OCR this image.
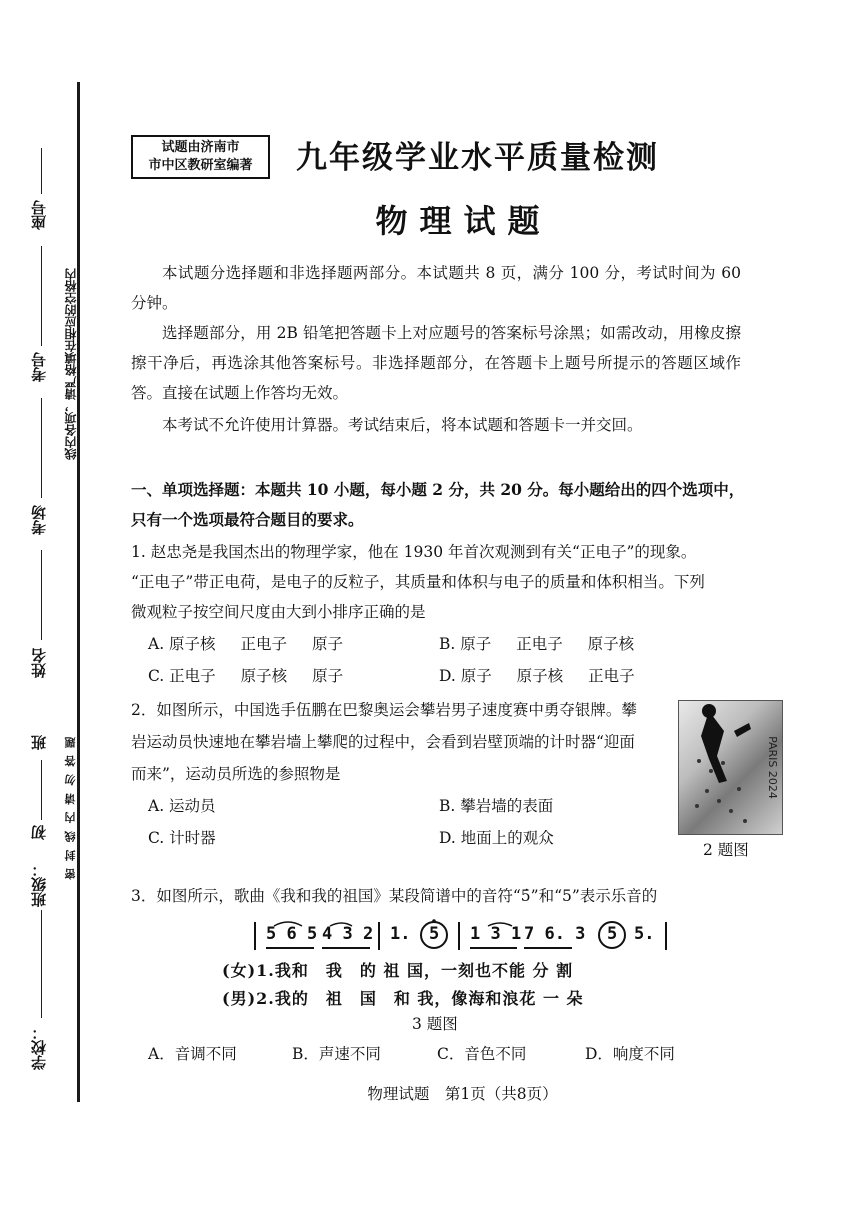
座号
考号
考场
姓名
班级：
初
班
学校：
线内各项，请严格填在相应的空格内
密 封 线 内 请 勿 答 题
试题由济南市
市中区教研室编著 九年级学业水平质量检测
物理试题
本试题分选择题和非选择题两部分。本试题共 8 页，满分 100 分，考试时间为 60 分钟。
选择题部分，用 2B 铅笔把答题卡上对应题号的答案标号涂黑；如需改动，用橡皮擦擦干净后，再选涂其他答案标号。非选择题部分，在答题卡上题号所提示的答题区域作答。直接在试题上作答均无效。
本考试不允许使用计算器。考试结束后，将本试题和答题卡一并交回。
一、单项选择题：本题共 10 小题，每小题 2 分，共 20 分。每小题给出的四个选项中，
只有一个选项最符合题目的要求。
1. 赵忠尧是我国杰出的物理学家，他在 1930 年首次观测到有关“正电子”的现象。
“正电子”带正电荷，是电子的反粒子，其质量和体积与电子的质量和体积相当。下列
微观粒子按空间尺度由大到小排序正确的是
A. 原子核 正电子 原子	B. 原子 正电子 原子核
C. 正电子 原子核 原子	D. 原子 原子核 正电子
2．如图所示，中国选手伍鹏在巴黎奥运会攀岩男子速度赛中勇夺银牌。攀
岩运动员快速地在攀岩墙上攀爬的过程中，会看到岩壁顶端的计时器“迎面
而来”，运动员所选的参照物是
A. 运动员	B. 攀岩墙的表面
C. 计时器	D. 地面上的观众
PARIS 2024
2 题图
3．如图所示，歌曲《我和我的祖国》某段简谱中的音符“5̇”和“5”表示乐音的
5 6 5 4 3 2 1. 5 1 3 1 7 6. 3 5 5.
(女)1.我和　我　的 祖 国，一刻也不能 分 割
(男)2.我的　祖　国　和 我，像海和浪花 一 朵
3 题图
A．音调不同	B．声速不同	C．音色不同	D．响度不同
物理试题　第1页（共8页）
